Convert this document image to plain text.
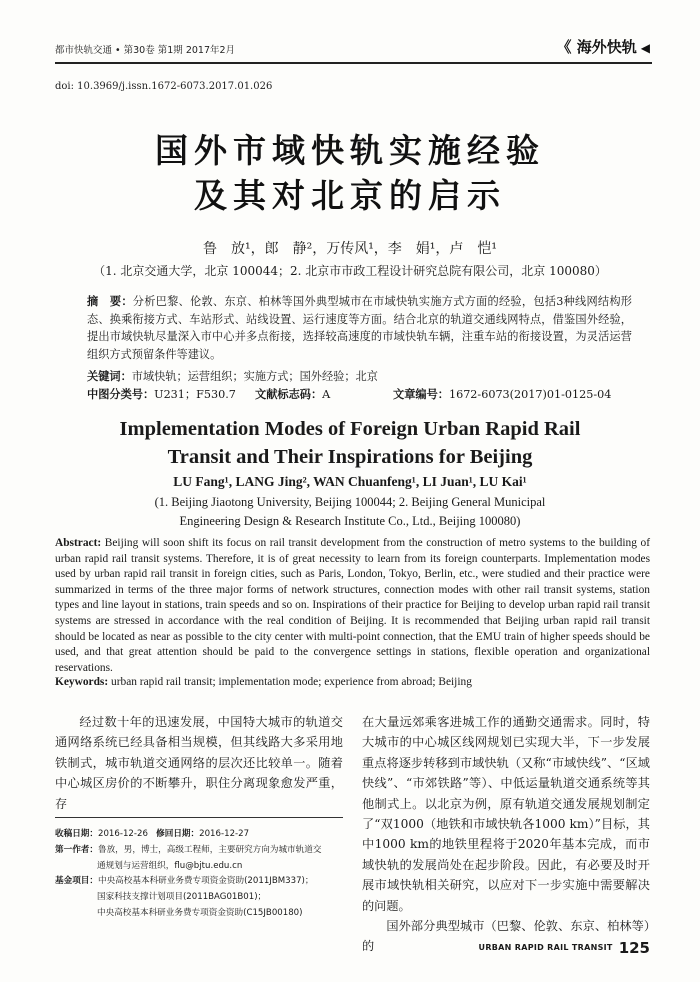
都市快轨交通 • 第30卷 第1期 2017年2月	《 海外快轨 ◀
doi: 10.3969/j.issn.1672-6073.2017.01.026
国外市域快轨实施经验
及其对北京的启示
鲁　放¹，郎　静²，万传风¹，李　娟¹，卢　恺¹
（1. 北京交通大学，北京 100044；2. 北京市市政工程设计研究总院有限公司，北京 100080）
摘　要：分析巴黎、伦敦、东京、柏林等国外典型城市在市域快轨实施方式方面的经验，包括3种线网结构形态、换乘衔接方式、车站形式、站线设置、运行速度等方面。结合北京的轨道交通线网特点，借鉴国外经验，提出市域快轨尽量深入市中心并多点衔接，选择较高速度的市域快轨车辆，注重车站的衔接设置，为灵活运营组织方式预留条件等建议。
关键词：市域快轨；运营组织；实施方式；国外经验；北京
中图分类号：U231；F530.7 文献标志码：A	文章编号：1672-6073(2017)01-0125-04
Implementation Modes of Foreign Urban Rapid Rail
Transit and Their Inspirations for Beijing
LU Fang¹, LANG Jing², WAN Chuanfeng¹, LI Juan¹, LU Kai¹
(1. Beijing Jiaotong University, Beijing 100044; 2. Beijing General Municipal
Engineering Design & Research Institute Co., Ltd., Beijing 100080)
Abstract: Beijing will soon shift its focus on rail transit development from the construction of metro systems to the building of urban rapid rail transit systems. Therefore, it is of great necessity to learn from its foreign counterparts. Implementation modes used by urban rapid rail transit in foreign cities, such as Paris, London, Tokyo, Berlin, etc., were studied and their practice were summarized in terms of the three major forms of network structures, connection modes with other rail transit systems, station types and line layout in stations, train speeds and so on. Inspirations of their practice for Beijing to develop urban rapid rail transit systems are stressed in accordance with the real condition of Beijing. It is recommended that Beijing urban rapid rail transit should be located as near as possible to the city center with multi-point connection, that the EMU train of higher speeds should be used, and that great attention should be paid to the convergence settings in stations, flexible operation and organizational reservations.
Keywords: urban rapid rail transit; implementation mode; experience from abroad; Beijing

经过数十年的迅速发展，中国特大城市的轨道交通网络系统已经具备相当规模，但其线路大多采用地铁制式，城市轨道交通网络的层次还比较单一。随着中心城区房价的不断攀升，职住分离现象愈发严重，存

收稿日期：2016-12-26 修回日期：2016-12-27
第一作者：鲁放，男，博士，高级工程师，主要研究方向为城市轨道交
通规划与运营组织，flu@bjtu.edu.cn
基金项目：中央高校基本科研业务费专项资金资助(2011JBM337)；
国家科技支撑计划项目(2011BAG01B01)；
中央高校基本科研业务费专项资金资助(C15JB00180)

在大量远郊乘客进城工作的通勤交通需求。同时，特大城市的中心城区线网规划已实现大半，下一步发展重点将逐步转移到市域快轨（又称“市域快线”、“区域快线”、“市郊铁路”等）、中低运量轨道交通系统等其他制式上。以北京为例，原有轨道交通发展规划制定了“双1000（地铁和市域快轨各1000 km）”目标，其中1000 km的地铁里程将于2020年基本完成，而市域快轨的发展尚处在起步阶段。因此，有必要及时开展市域快轨相关研究，以应对下一步实施中需要解决的问题。

国外部分典型城市（巴黎、伦敦、东京、柏林等）的	URBAN RAPID RAIL TRANSIT 125
